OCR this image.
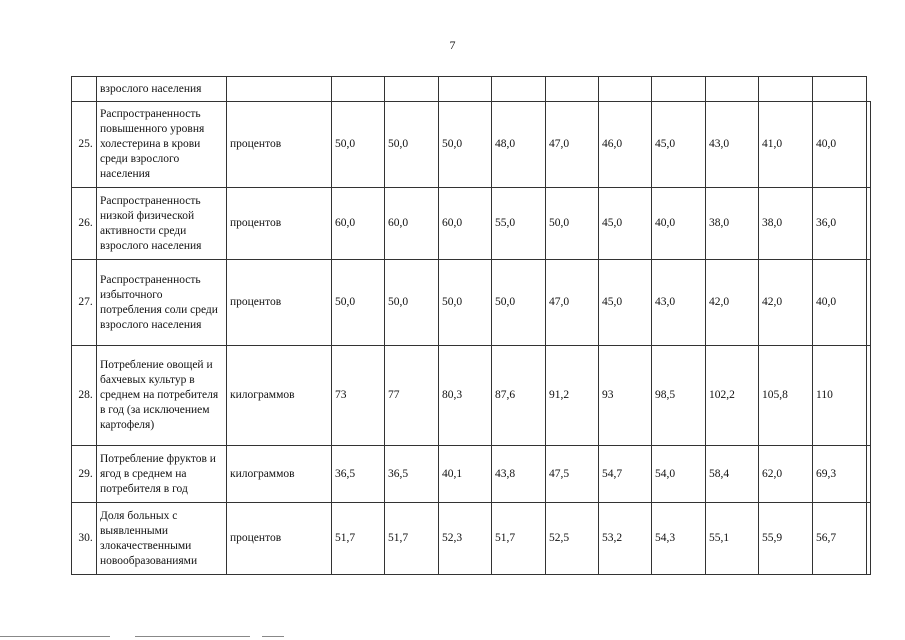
7
	взрослого населения												
25.	Распространенность повышенного уровня холестерина в крови среди взрослого населения	процентов	50,0	50,0	50,0	48,0	47,0	46,0	45,0	43,0	41,0	40,0	
26.	Распространенность низкой физической активности среди взрослого населения	процентов	60,0	60,0	60,0	55,0	50,0	45,0	40,0	38,0	38,0	36,0	
27.	Распространенность избыточного потребления соли среди взрослого населения	процентов	50,0	50,0	50,0	50,0	47,0	45,0	43,0	42,0	42,0	40,0	
28.	Потребление овощей и бахчевых культур в среднем на потребителя в год (за исключением картофеля)	килограммов	73	77	80,3	87,6	91,2	93	98,5	102,2	105,8	110	
29.	Потребление фруктов и ягод в среднем на потребителя в год	килограммов	36,5	36,5	40,1	43,8	47,5	54,7	54,0	58,4	62,0	69,3	
30.	Доля больных с выявленными злокачественными новообразованиями	процентов	51,7	51,7	52,3	51,7	52,5	53,2	54,3	55,1	55,9	56,7	
